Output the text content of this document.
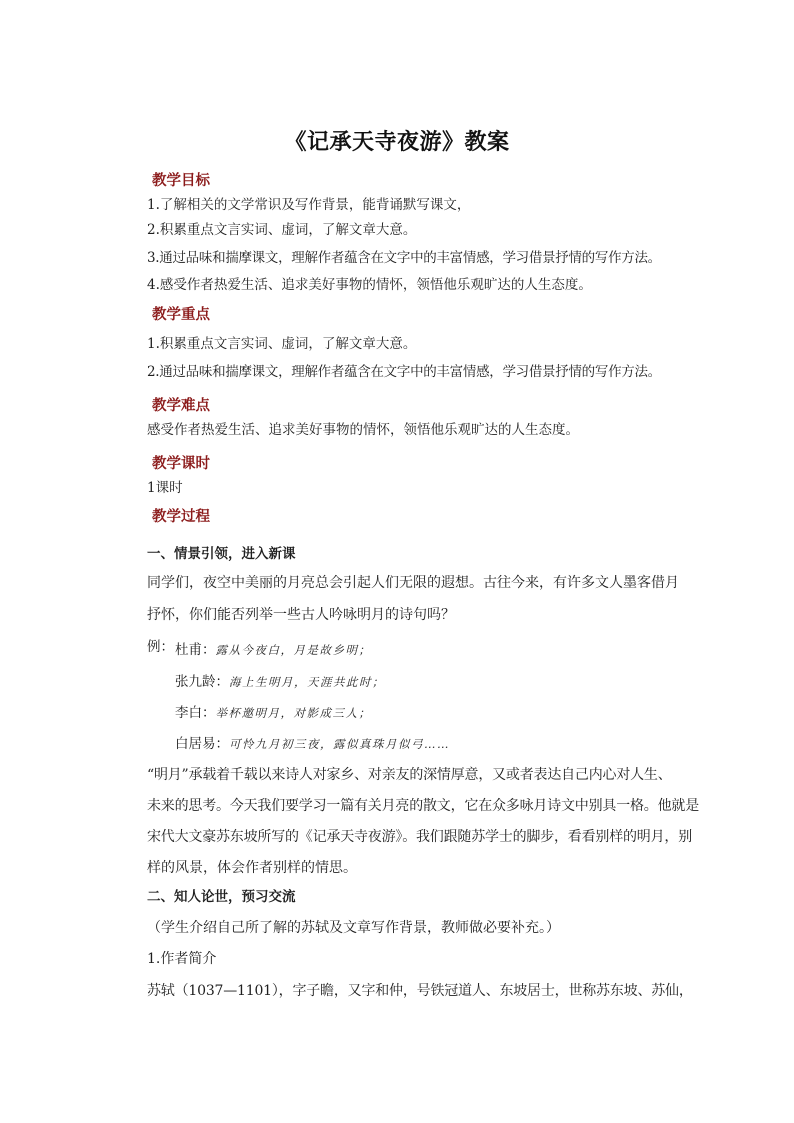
《记承天寺夜游》教案
教学目标
1.了解相关的文学常识及写作背景，能背诵默写课文，
2.积累重点文言实词、虚词，了解文章大意。
3.通过品味和揣摩课文，理解作者蕴含在文字中的丰富情感，学习借景抒情的写作方法。
4.感受作者热爱生活、追求美好事物的情怀，领悟他乐观旷达的人生态度。
教学重点
1.积累重点文言实词、虚词，了解文章大意。
2.通过品味和揣摩课文，理解作者蕴含在文字中的丰富情感，学习借景抒情的写作方法。
教学难点
感受作者热爱生活、追求美好事物的情怀，领悟他乐观旷达的人生态度。
教学课时
1课时
教学过程
一、情景引领，进入新课
同学们，夜空中美丽的月亮总会引起人们无限的遐想。古往今来，有许多文人墨客借月
抒怀，你们能否列举一些古人吟咏明月的诗句吗？
例： 杜甫：露从今夜白，月是故乡明；
张九龄：海上生明月，天涯共此时；
李白：举杯邀明月，对影成三人；
白居易：可怜九月初三夜，露似真珠月似弓……
“明月”承载着千载以来诗人对家乡、对亲友的深情厚意，又或者表达自己内心对人生、
未来的思考。今天我们要学习一篇有关月亮的散文，它在众多咏月诗文中别具一格。他就是
宋代大文豪苏东坡所写的《记承天寺夜游》。我们跟随苏学士的脚步，看看别样的明月，别
样的风景，体会作者别样的情思。
二、知人论世，预习交流
（学生介绍自己所了解的苏轼及文章写作背景，教师做必要补充。）
1.作者简介
苏轼（1037—1101），字子瞻，又字和仲，号铁冠道人、东坡居士，世称苏东坡、苏仙，
